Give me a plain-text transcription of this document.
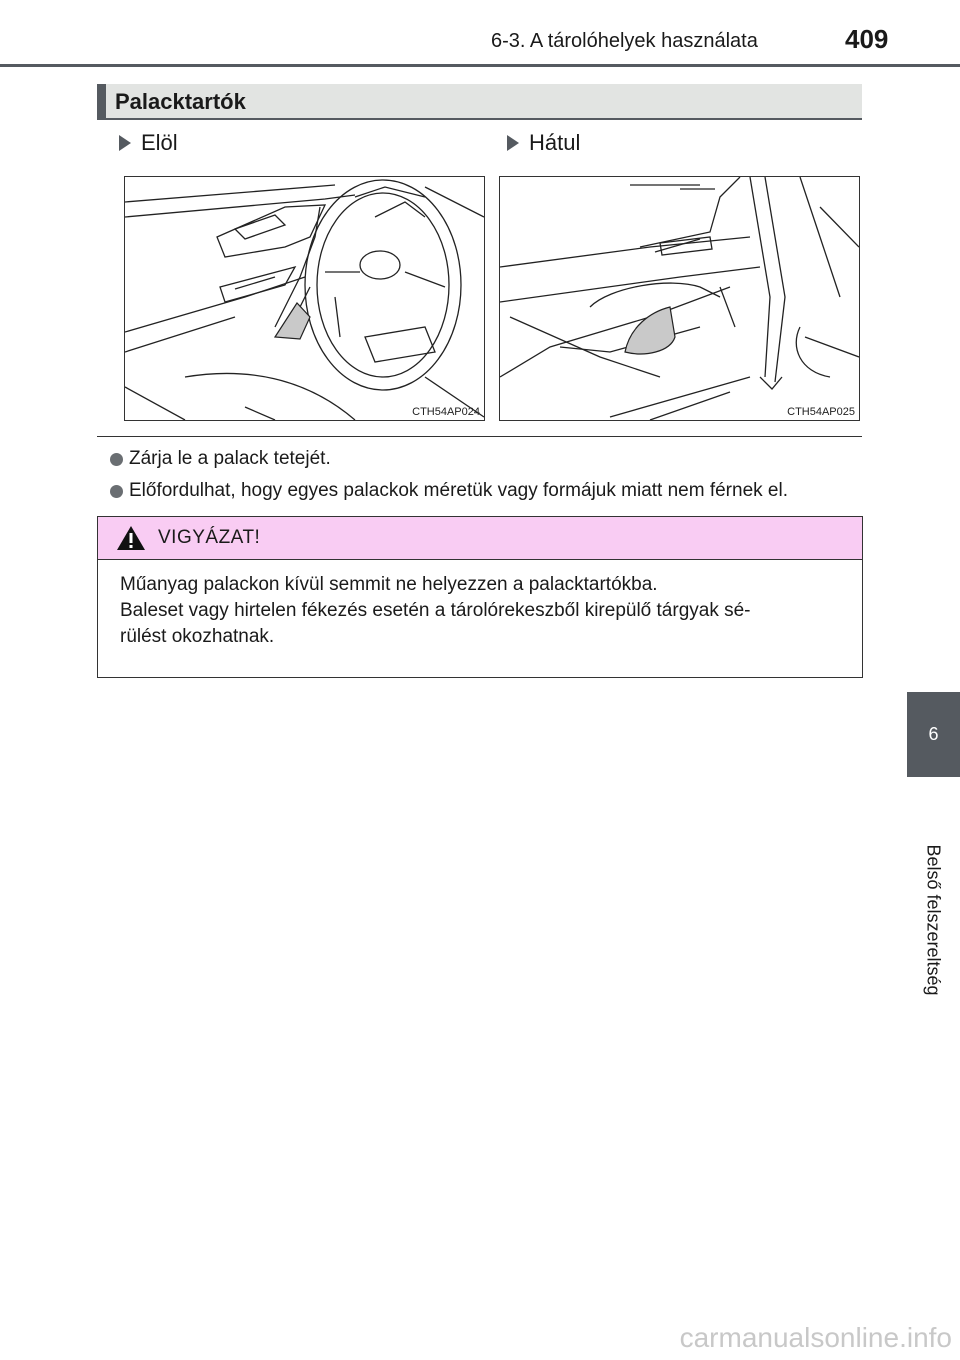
6-3. A tárolóhelyek használata	409
Palacktartók
Elöl	Hátul
CTH54AP024	CTH54AP025
Zárja le a palack tetejét.
Előfordulhat, hogy egyes palackok méretük vagy formájuk miatt nem férnek el.
VIGYÁZAT!

Műanyag palackon kívül semmit ne helyezzen a palacktartókba.

Baleset vagy hirtelen fékezés esetén a tárolórekeszből kirepülő tárgyak sé-

rülést okozhatnak.

6
Belső felszereltség
carmanualsonline.info
